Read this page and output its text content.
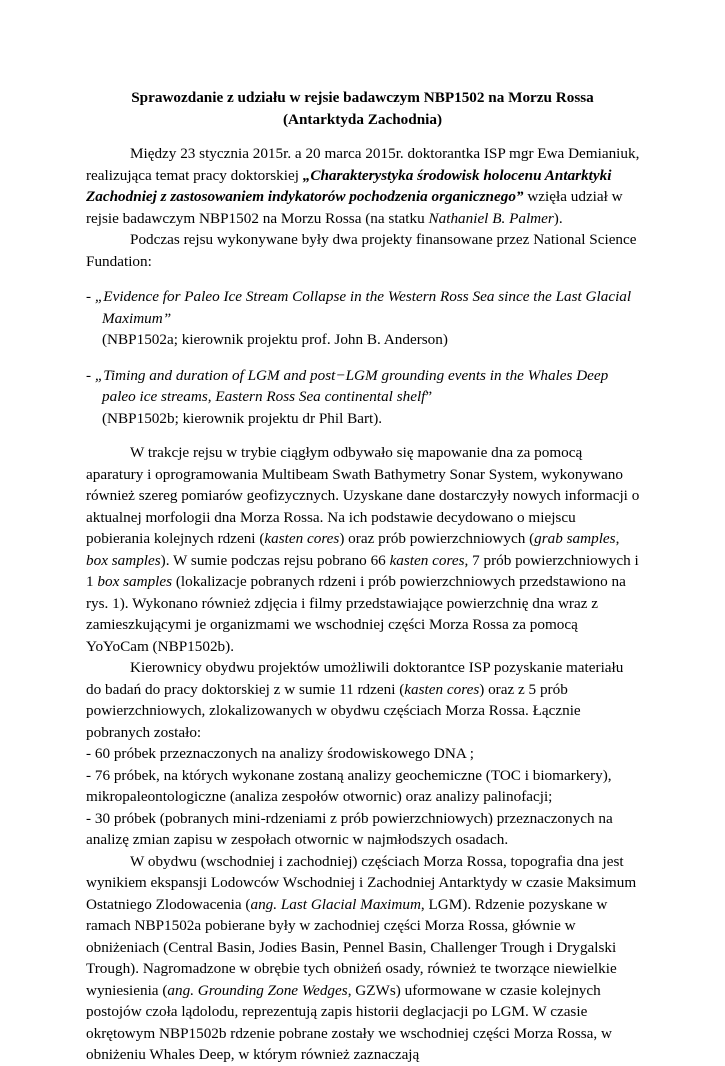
Sprawozdanie z udziału w rejsie badawczym NBP1502 na Morzu Rossa
(Antarktyda Zachodnia)

Między 23 stycznia 2015r. a 20 marca 2015r. doktorantka ISP mgr Ewa Demianiuk, realizująca temat pracy doktorskiej „Charakterystyka środowisk holocenu Antarktyki Zachodniej z zastosowaniem indykatorów pochodzenia organicznego” wzięła udział w rejsie badawczym NBP1502 na Morzu Rossa (na statku Nathaniel B. Palmer).

Podczas rejsu wykonywane były dwa projekty finansowane przez National Science Fundation:

- „Evidence for Paleo Ice Stream Collapse in the Western Ross Sea since the Last Glacial Maximum”
(NBP1502a; kierownik projektu prof. John B. Anderson)

- „Timing and duration of LGM and post−LGM grounding events in the Whales Deep paleo ice streams, Eastern Ross Sea continental shelf”
(NBP1502b; kierownik projektu dr Phil Bart).

W trakcje rejsu w trybie ciągłym odbywało się mapowanie dna za pomocą aparatury i oprogramowania Multibeam Swath Bathymetry Sonar System, wykonywano również szereg pomiarów geofizycznych. Uzyskane dane dostarczyły nowych informacji o aktualnej morfologii dna Morza Rossa. Na ich podstawie decydowano o miejscu pobierania kolejnych rdzeni (kasten cores) oraz prób powierzchniowych (grab samples, box samples). W sumie podczas rejsu pobrano 66 kasten cores, 7 prób powierzchniowych i 1 box samples (lokalizacje pobranych rdzeni i prób powierzchniowych przedstawiono na rys. 1). Wykonano również zdjęcia i filmy przedstawiające powierzchnię dna wraz z zamieszkującymi je organizmami we wschodniej części Morza Rossa za pomocą YoYoCam (NBP1502b).

Kierownicy obydwu projektów umożliwili doktorantce ISP pozyskanie materiału do badań do pracy doktorskiej z w sumie 11 rdzeni (kasten cores) oraz z 5 prób powierzchniowych, zlokalizowanych w obydwu częściach Morza Rossa. Łącznie pobranych zostało:

- 60 próbek przeznaczonych na analizy środowiskowego DNA ;

- 76 próbek, na których wykonane zostaną analizy geochemiczne (TOC i biomarkery), mikropaleontologiczne (analiza zespołów otwornic) oraz analizy palinofacji;

- 30 próbek (pobranych mini-rdzeniami z prób powierzchniowych) przeznaczonych na analizę zmian zapisu w zespołach otwornic w najmłodszych osadach.

W obydwu (wschodniej i zachodniej) częściach Morza Rossa, topografia dna jest wynikiem ekspansji Lodowców Wschodniej i Zachodniej Antarktydy w czasie Maksimum Ostatniego Zlodowacenia (ang. Last Glacial Maximum, LGM). Rdzenie pozyskane w ramach NBP1502a pobierane były w zachodniej części Morza Rossa, głównie w obniżeniach (Central Basin, Jodies Basin, Pennel Basin, Challenger Trough i Drygalski Trough). Nagromadzone w obrębie tych obniżeń osady, również te tworzące niewielkie wyniesienia (ang. Grounding Zone Wedges, GZWs) uformowane w czasie kolejnych postojów czoła lądolodu, reprezentują zapis historii deglacjacji po LGM. W czasie okrętowym NBP1502b rdzenie pobrane zostały we wschodniej części Morza Rossa, w obniżeniu Whales Deep, w którym również zaznaczają
